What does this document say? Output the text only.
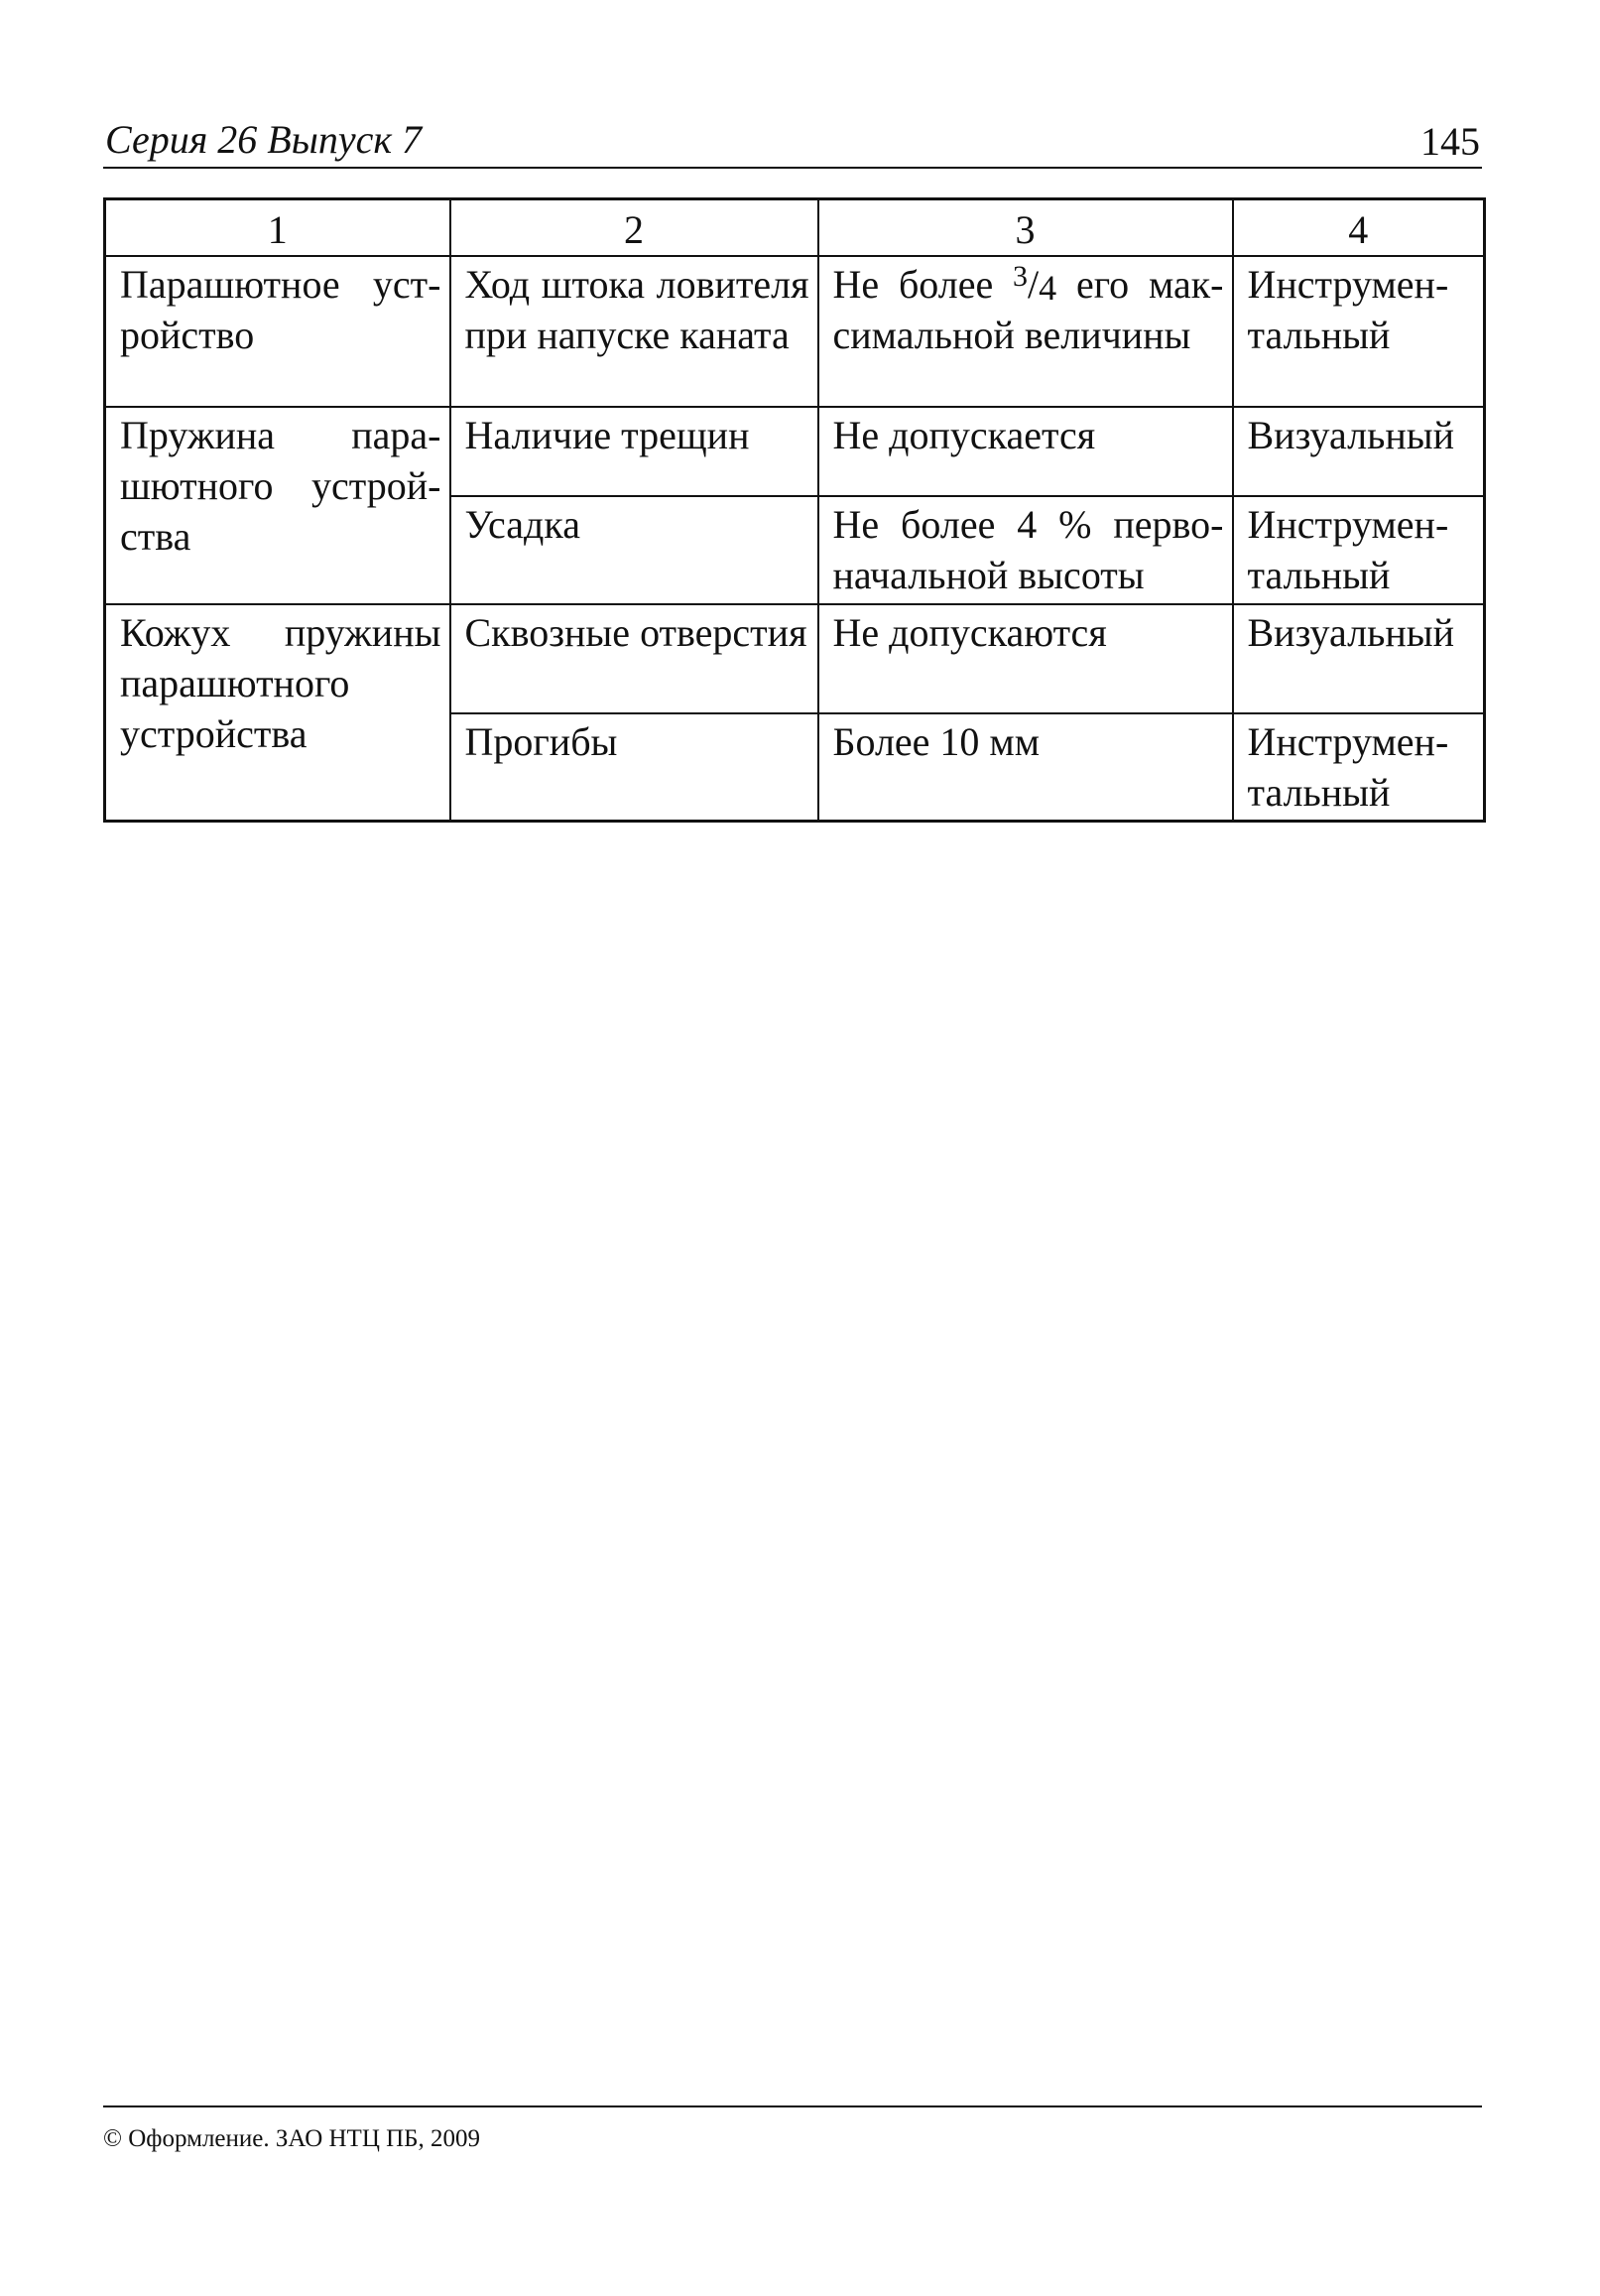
Серия 26 Выпуск 7	145
1	2	3	4
Парашютное устройство	Ход штока ловителя при напуске каната	Не более $^3/_4$ его максимальной величины	Инструментальный
Пружина парашютного устройства	Наличие трещин	Не допускается	Визуальный
	Усадка	Не более 4 % первоначальной высоты	Инструментальный
Кожух пружины парашютного устройства	Сквозные отверстия	Не допускаются	Визуальный
	Прогибы	Более 10 мм	Инструментальный
© Оформление. ЗАО НТЦ ПБ, 2009
